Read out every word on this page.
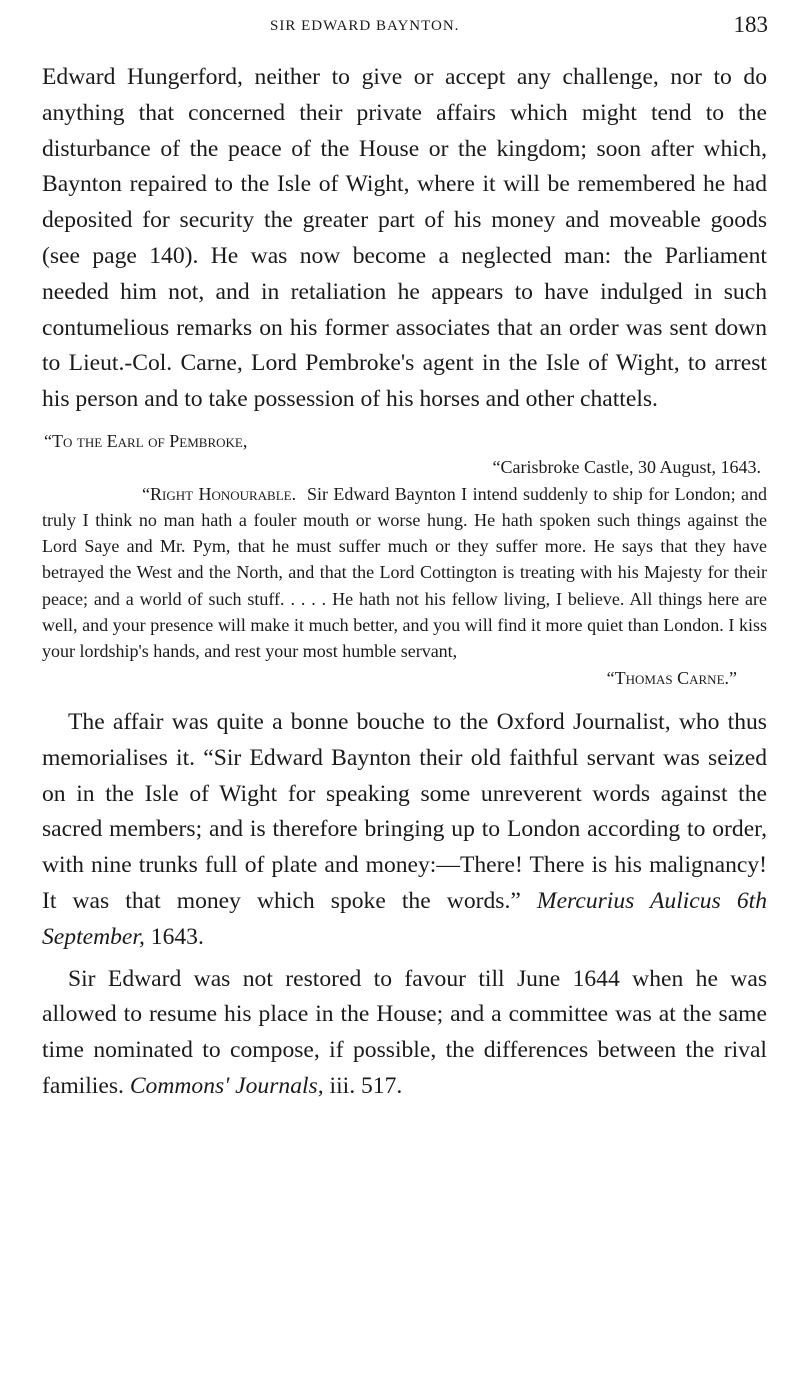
SIR EDWARD BAYNTON.	183

Edward Hungerford, neither to give or accept any challenge, nor to do anything that concerned their private affairs which might tend to the disturbance of the peace of the House or the kingdom; soon after which, Baynton repaired to the Isle of Wight, where it will be remembered he had deposited for security the greater part of his money and moveable goods (see page 140). He was now become a neglected man: the Parliament needed him not, and in retaliation he appears to have indulged in such contumelious remarks on his former associates that an order was sent down to Lieut.-Col. Carne, Lord Pembroke's agent in the Isle of Wight, to arrest his person and to take possession of his horses and other chattels.

“To the Earl of Pembroke,

“Carisbroke Castle, 30 August, 1643.

“Right Honourable. Sir Edward Baynton I intend suddenly to ship for London; and truly I think no man hath a fouler mouth or worse hung. He hath spoken such things against the Lord Saye and Mr. Pym, that he must suffer much or they suffer more. He says that they have betrayed the West and the North, and that the Lord Cottington is treating with his Majesty for their peace; and a world of such stuff. . . . . He hath not his fellow living, I believe. All things here are well, and your presence will make it much better, and you will find it more quiet than London. I kiss your lordship's hands, and rest your most humble servant,

“Thomas Carne.”

The affair was quite a bonne bouche to the Oxford Journalist, who thus memorialises it. “Sir Edward Baynton their old faithful servant was seized on in the Isle of Wight for speaking some unreverent words against the sacred members; and is therefore bringing up to London according to order, with nine trunks full of plate and money:—There! There is his malignancy! It was that money which spoke the words.” Mercurius Aulicus 6th September, 1643.

Sir Edward was not restored to favour till June 1644 when he was allowed to resume his place in the House; and a committee was at the same time nominated to compose, if possible, the differences between the rival families. Commons' Journals, iii. 517.
